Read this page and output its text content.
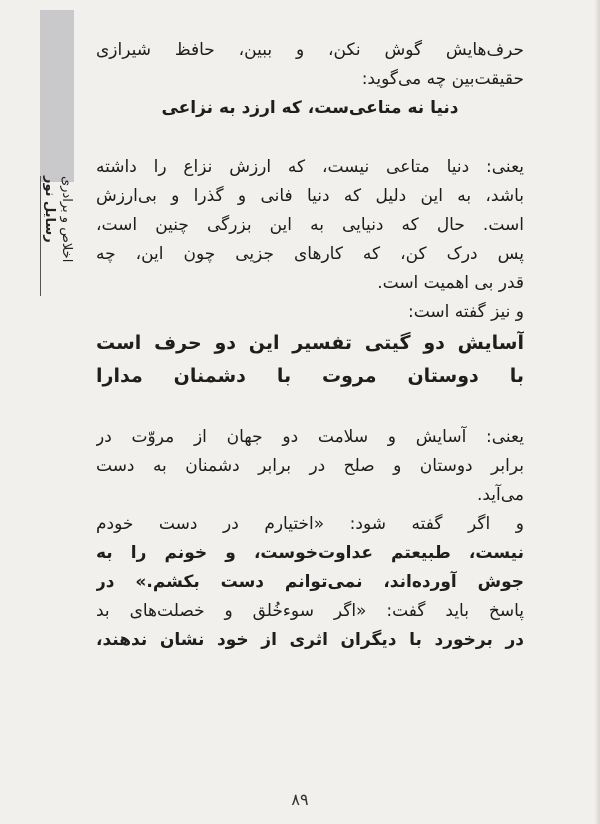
رسایل نور اخلاص و برادری
حرف‌هایش گوش نکن، و ببین، حافظ شیرازی
حقیقت‌بین چه می‌گوید:
دنیا نه متاعی‌ست، که ارزد به نزاعی
یعنی: دنیا متاعی نیست، که ارزش نزاع را داشته
باشد، به این دلیل که دنیا فانی و گذرا و بی‌ارزش
است. حال که دنیایی به این بزرگی چنین است،
پس درک کن، که کارهای جزیی چون این، چه
قدر بی اهمیت است.
و نیز گفته است:
آسایش دو گیتی تفسیر این دو حرف است
با دوستان مروت با دشمنان مدارا
یعنی: آسایش و سلامت دو جهان از مروّت در
برابر دوستان و صلح در برابر دشمنان به دست
می‌آید.
و اگر گفته شود: «اختیارم در دست خودم
نیست، طبیعتم عداوت‌خوست، و خونم را به
جوش آورده‌اند، نمی‌توانم دست بکشم.» در
پاسخ باید گفت: «اگر سوءخُلق و خصلت‌های بد
در برخورد با دیگران اثری از خود نشان ندهند،
۸۹
